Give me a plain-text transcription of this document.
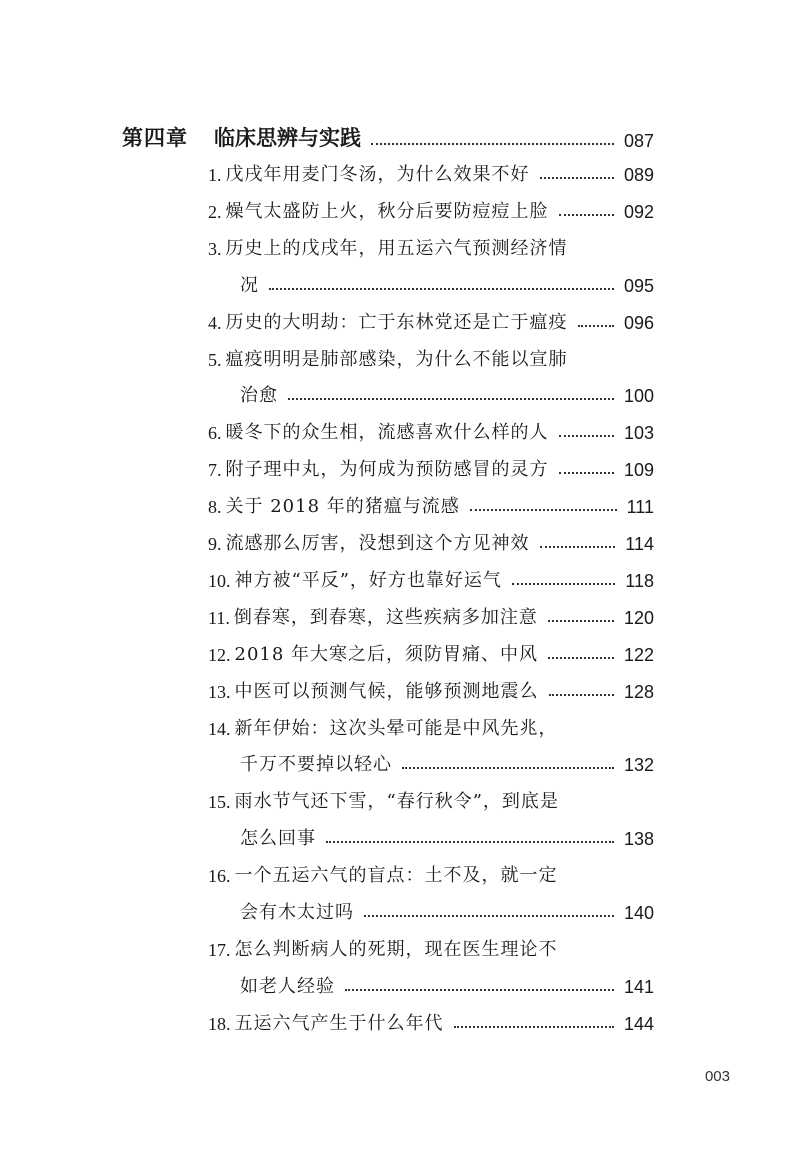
第四章 临床思辨与实践	087
1. 戊戌年用麦门冬汤，为什么效果不好	089
2. 燥气太盛防上火，秋分后要防痘痘上脸	092
3. 历史上的戊戌年，用五运六气预测经济情
况	095
4. 历史的大明劫：亡于东林党还是亡于瘟疫	096
5. 瘟疫明明是肺部感染，为什么不能以宣肺
治愈	100
6. 暖冬下的众生相，流感喜欢什么样的人	103
7. 附子理中丸，为何成为预防感冒的灵方	109
8. 关于 2018 年的猪瘟与流感	111
9. 流感那么厉害，没想到这个方见神效	114
10. 神方被“平反”，好方也靠好运气	118
11. 倒春寒，到春寒，这些疾病多加注意	120
12. 2018 年大寒之后，须防胃痛、中风	122
13. 中医可以预测气候，能够预测地震么	128
14. 新年伊始：这次头晕可能是中风先兆，
千万不要掉以轻心	132
15. 雨水节气还下雪，“春行秋令”，到底是
怎么回事	138
16. 一个五运六气的盲点：土不及，就一定
会有木太过吗	140
17. 怎么判断病人的死期，现在医生理论不
如老人经验	141
18. 五运六气产生于什么年代	144
003
